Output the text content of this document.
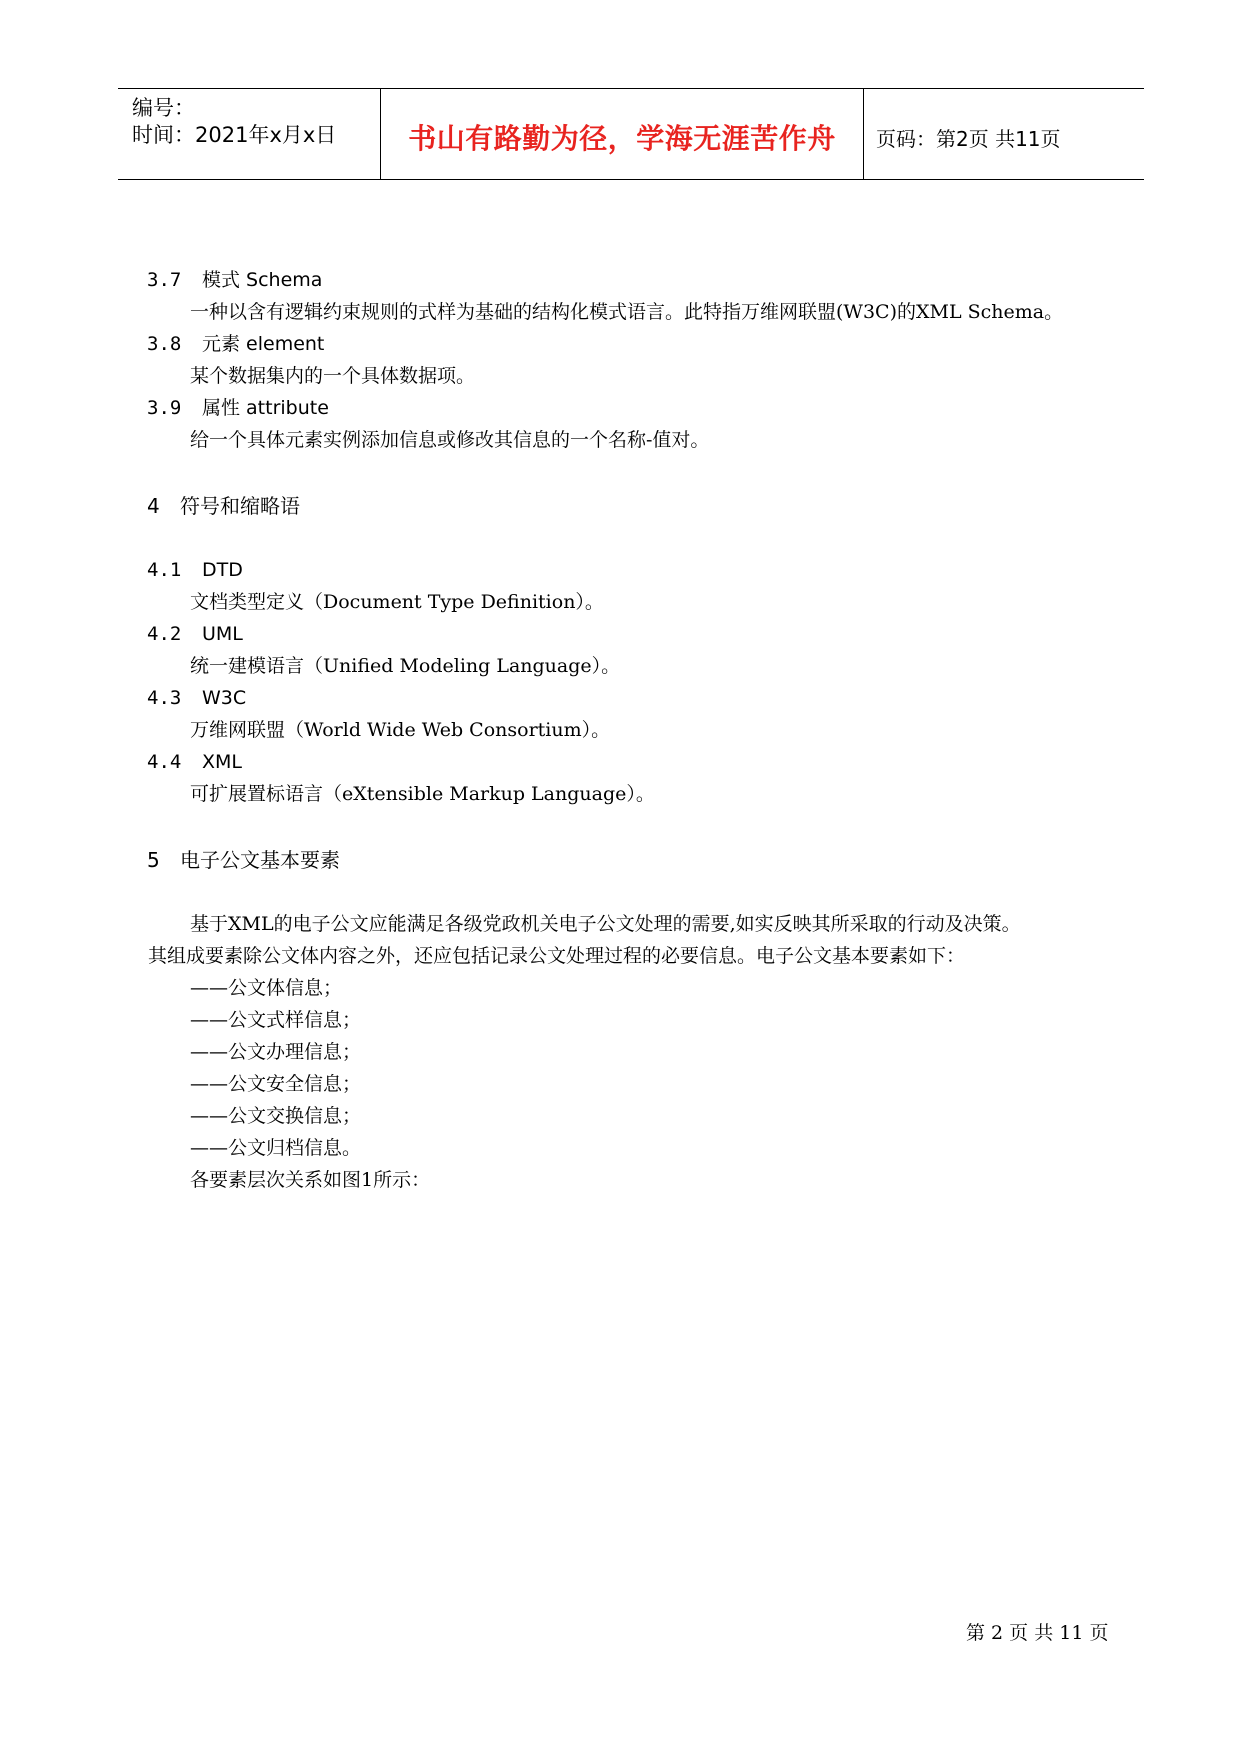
编号：
时间：2021年x月x日	书山有路勤为径，学海无涯苦作舟	页码：第2页 共11页
3.7 模式 Schema
一种以含有逻辑约束规则的式样为基础的结构化模式语言。此特指万维网联盟(W3C)的XML Schema。
3.8 元素 element
某个数据集内的一个具体数据项。
3.9 属性 attribute
给一个具体元素实例添加信息或修改其信息的一个名称-值对。
4 符号和缩略语
4.1 DTD
文档类型定义（Document Type Definition）。
4.2 UML
统一建模语言（Unified Modeling Language）。
4.3 W3C
万维网联盟（World Wide Web Consortium）。
4.4 XML
可扩展置标语言（eXtensible Markup Language）。
5 电子公文基本要素
基于XML的电子公文应能满足各级党政机关电子公文处理的需要,如实反映其所采取的行动及决策。
其组成要素除公文体内容之外，还应包括记录公文处理过程的必要信息。电子公文基本要素如下：
——公文体信息；
——公文式样信息；
——公文办理信息；
——公文安全信息；
——公文交换信息；
——公文归档信息。
各要素层次关系如图1所示：
第 2 页 共 11 页
